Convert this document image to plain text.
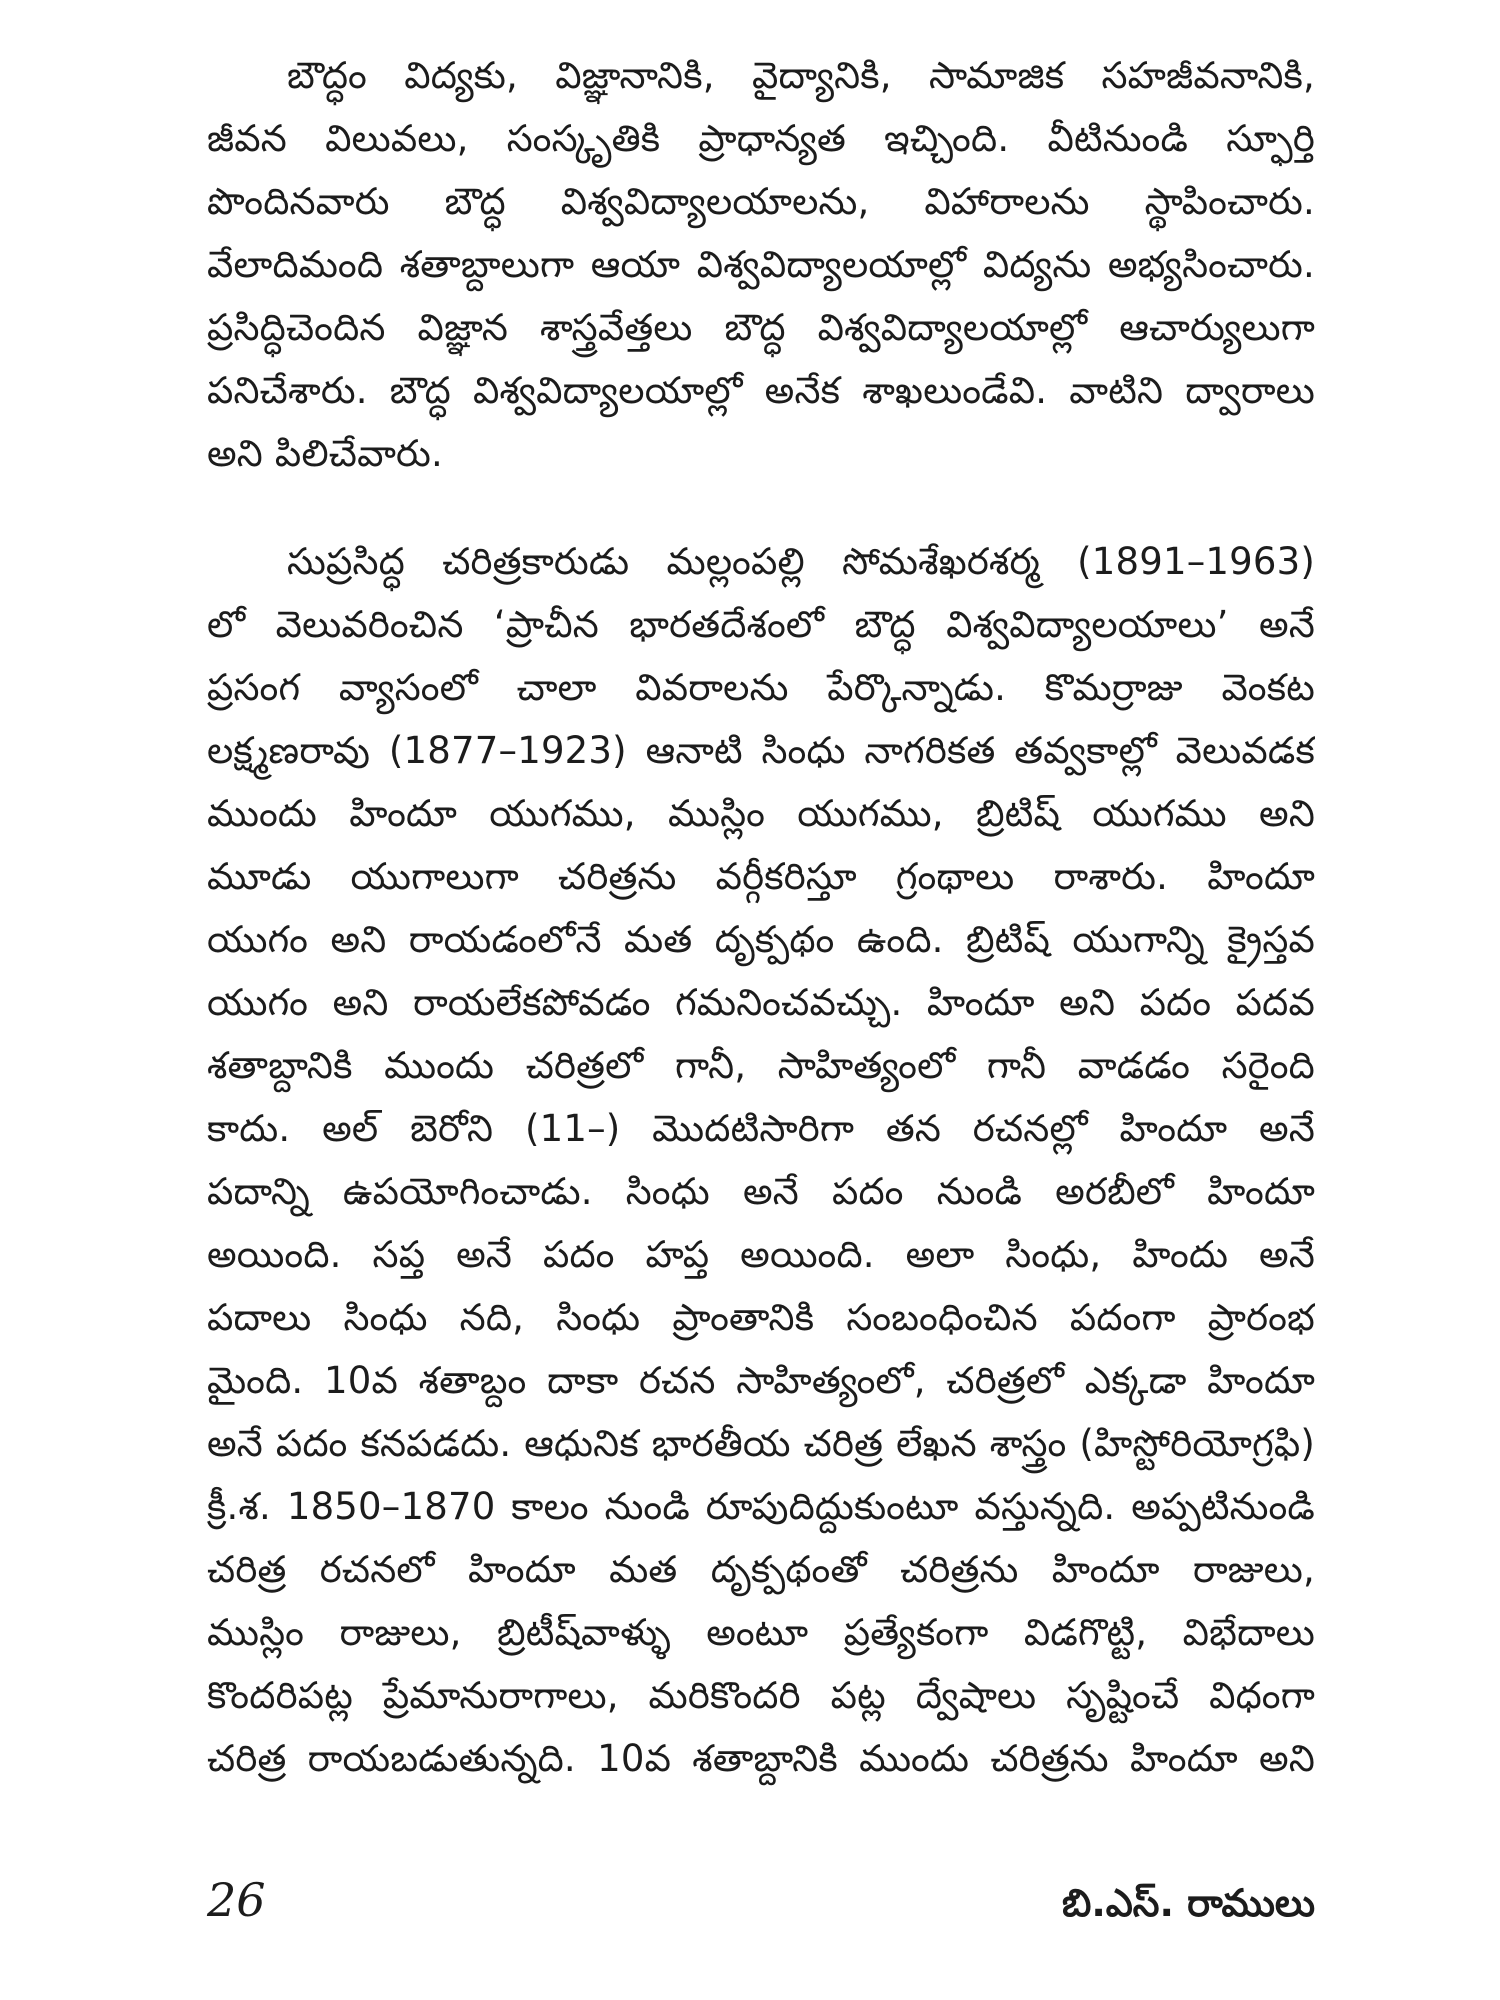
బౌద్ధం విద్యకు, విజ్ఞానానికి, వైద్యానికి, సామాజిక సహజీవనానికి,
జీవన విలువలు, సంస్కృతికి ప్రాధాన్యత ఇచ్చింది. వీటినుండి స్ఫూర్తి
పొందినవారు బౌద్ధ విశ్వవిద్యాలయాలను, విహారాలను స్థాపించారు.
వేలాదిమంది శతాబ్దాలుగా ఆయా విశ్వవిద్యాలయాల్లో విద్యను అభ్యసించారు.
ప్రసిద్ధిచెందిన విజ్ఞాన శాస్త్రవేత్తలు బౌద్ధ విశ్వవిద్యాలయాల్లో ఆచార్యులుగా
పనిచేశారు. బౌద్ధ విశ్వవిద్యాలయాల్లో అనేక శాఖలుండేవి. వాటిని ద్వారాలు
అని పిలిచేవారు.
సుప్రసిద్ధ చరిత్రకారుడు మల్లంపల్లి సోమశేఖరశర్మ (1891–1963)
లో వెలువరించిన ‘ప్రాచీన భారతదేశంలో బౌద్ధ విశ్వవిద్యాలయాలు’ అనే
ప్రసంగ వ్యాసంలో చాలా వివరాలను పేర్కొన్నాడు. కొమర్రాజు వెంకట
లక్ష్మణరావు (1877–1923) ఆనాటి సింధు నాగరికత తవ్వకాల్లో వెలువడక
ముందు హిందూ యుగము, ముస్లిం యుగము, బ్రిటిష్ యుగము అని
మూడు యుగాలుగా చరిత్రను వర్గీకరిస్తూ గ్రంథాలు రాశారు. హిందూ
యుగం అని రాయడంలోనే మత దృక్పథం ఉంది. బ్రిటిష్ యుగాన్ని క్రైస్తవ
యుగం అని రాయలేకపోవడం గమనించవచ్చు. హిందూ అని పదం పదవ
శతాబ్దానికి ముందు చరిత్రలో గానీ, సాహిత్యంలో గానీ వాడడం సరైంది
కాదు. అల్ బెరోని (11–) మొదటిసారిగా తన రచనల్లో హిందూ అనే
పదాన్ని ఉపయోగించాడు. సింధు అనే పదం నుండి అరబీలో హిందూ
అయింది. సప్త అనే పదం హప్త అయింది. అలా సింధు, హిందు అనే
పదాలు సింధు నది, సింధు ప్రాంతానికి సంబంధించిన పదంగా ప్రారంభ
మైంది. 10వ శతాబ్దం దాకా రచన సాహిత్యంలో, చరిత్రలో ఎక్కడా హిందూ
అనే పదం కనపడదు. ఆధునిక భారతీయ చరిత్ర లేఖన శాస్త్రం (హిస్టోరియోగ్రఫి)
క్రీ.శ. 1850–1870 కాలం నుండి రూపుదిద్దుకుంటూ వస్తున్నది. అప్పటినుండి
చరిత్ర రచనలో హిందూ మత దృక్పథంతో చరిత్రను హిందూ రాజులు,
ముస్లిం రాజులు, బ్రిటీష్‌వాళ్ళు అంటూ ప్రత్యేకంగా విడగొట్టి, విభేదాలు
కొందరిపట్ల ప్రేమానురాగాలు, మరికొందరి పట్ల ద్వేషాలు సృష్టించే విధంగా
చరిత్ర రాయబడుతున్నది. 10వ శతాబ్దానికి ముందు చరిత్రను హిందూ అని
26	బి.ఎస్. రాములు
